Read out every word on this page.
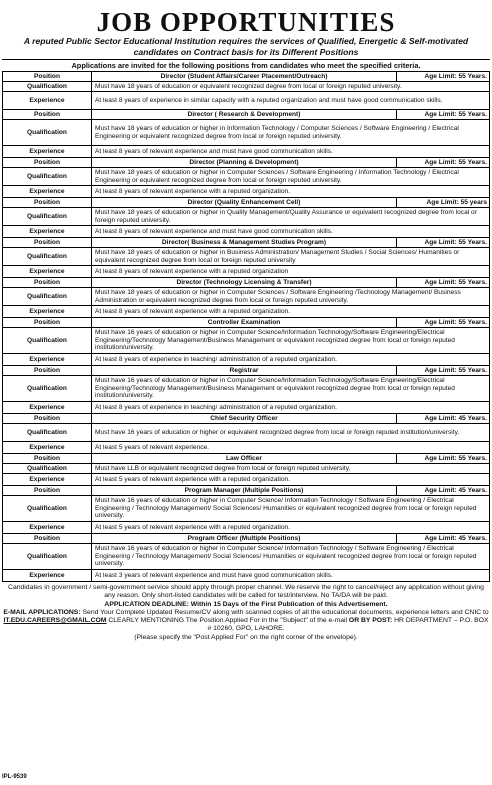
JOB OPPORTUNITIES
A reputed Public Sector Educational Institution requires the services of Qualified, Energetic & Self-motivated candidates on Contract basis for its Different Positions
Applications are invited for the following positions from candidates who meet the specified criteria.
Position	Director (Student Affairs/Career Placement/Outreach)	Age Limit: 55 Years.
Qualification	Must have 18 years of education or equivalent recognized degree from local or foreign reputed university.	
Experience	At least 8 years of experience in similar capacity with a reputed organization and must have good communication skills.	
Position	Director ( Research & Development)	Age Limit: 55 Years.
Qualification	Must have 18 years of education or higher in Information Technology / Computer Sciences / Software Engineering / Electrical Engineering or equivalent recognized degree from local or foreign reputed university.	
Experience	At least 8 years of relevant experience and must have good communication skills.	
Position	Director (Planning & Development)	Age Limit: 55 Years.
Qualification	Must have 18 years of education or higher in Computer Sciences / Software Engineering / Information Technology / Electrical Engineering or equivalent recognized degree from local or foreign reputed university.	
Experience	At least 8 years of relevant experience with a reputed organization.	
Position	Director (Quality Enhancement Cell)	Age Limit: 55 years
Qualification	Must have 18 years of education or higher in Quality Management/Quality Assurance or equivalent recognized degree from local or foreign reputed university.	
Experience	At least 8 years of relevant experience and must have good communication skills.	
Position	Director( Business & Management Studies Program)	Age Limit: 55 Years.
Qualification	Must have 18 years of education or higher in Business Administration/ Management Studies / Social Sciences/ Humanities or equivalent recognized degree from local or foreign reputed university	
Experience	At least 8 years of relevant experience with a reputed organization	
Position	Director (Technology Licensing & Transfer)	Age Limit: 55 Years.
Qualification	Must have 18 years of education or higher in Computer Sciences / Software Engineering /Technology Management/ Business Administration or equivalent recognized degree from local or foreign reputed university.	
Experience	At least 8 years of relevant experience with a reputed organization.	
Position	Controller Examination	Age Limit: 55 Years.
Qualification	Must have 16 years of education or higher in Computer Science/Information Technology/Software Engineering/Electrical Engineering/Technology Management/Business Management or equivalent recognized degree from local or foreign reputed institution/university.	
Experience	At least 8 years of experience in teaching/ administration of a reputed organization.	
Position	Registrar	Age Limit: 55 Years.
Qualification	Must have 16 years of education or higher in Computer Science/Information Technology/Software Engineering/Electrical Engineering/Technology Management/Business Management or equivalent recognized degree from local or foreign reputed institution/university.	
Experience	At least 8 years of experience in teaching/ administration of a reputed organization.	
Position	Chief Security Officer	Age Limit: 45 Years.
Qualification	Must have 16 years of education or higher or equivalent recognized degree from local or foreign reputed institution/university.	
Experience	At least 5 years of relevant experience.	
Position	Law Officer	Age Limit: 55 Years.
Qualification	Must have LLB or equivalent recognized degree from local or foreign reputed university.	
Experience	At least 5 years of relevant experience with a reputed organization.	
Position	Program Manager (Multiple Positions)	Age Limit: 45 Years.
Qualification	Must have 16 years of education or higher in Computer Science/ Information Technology / Software Engineering / Electrical Engineering / Technology Management/ Social Sciences/ Humanities or equivalent recognized degree from local or foreign reputed university.	
Experience	At least 5 years of relevant experience with a reputed organization.	
Position	Program Officer (Multiple Positions)	Age Limit: 45 Years.
Qualification	Must have 16 years of education or higher in Computer Science/ Information Technology / Software Engineering / Electrical Engineering / Technology Management/ Social Sciences/ Humanities or equivalent recognized degree from local or foreign reputed university.	
Experience	At least 3 years of relevant experience and must have good communication skills.	
Candidates in government / semi-government service should apply through proper channel. We reserve the right to cancel/reject any application without giving any reason. Only short-listed candidates will be called for test/interview. No TA/DA will be paid.
APPLICATION DEADLINE: Within 15 Days of the First Publication of this Advertisement.
E-MAIL APPLICATIONS: Send Your Complete Updated Resume/CV along with scanned copies of all the educational documents, experience letters and CNIC to IT.EDU.CAREERS@GMAIL.COM CLEARLY MENTIONING The Position Applied For in the "Subject" of the e-mail OR BY POST: HR DEPARTMENT – P.O. BOX # 10260, GPO, LAHORE.
(Please specify the "Post Applied For" on the right corner of the envelope).
IPL-9539
